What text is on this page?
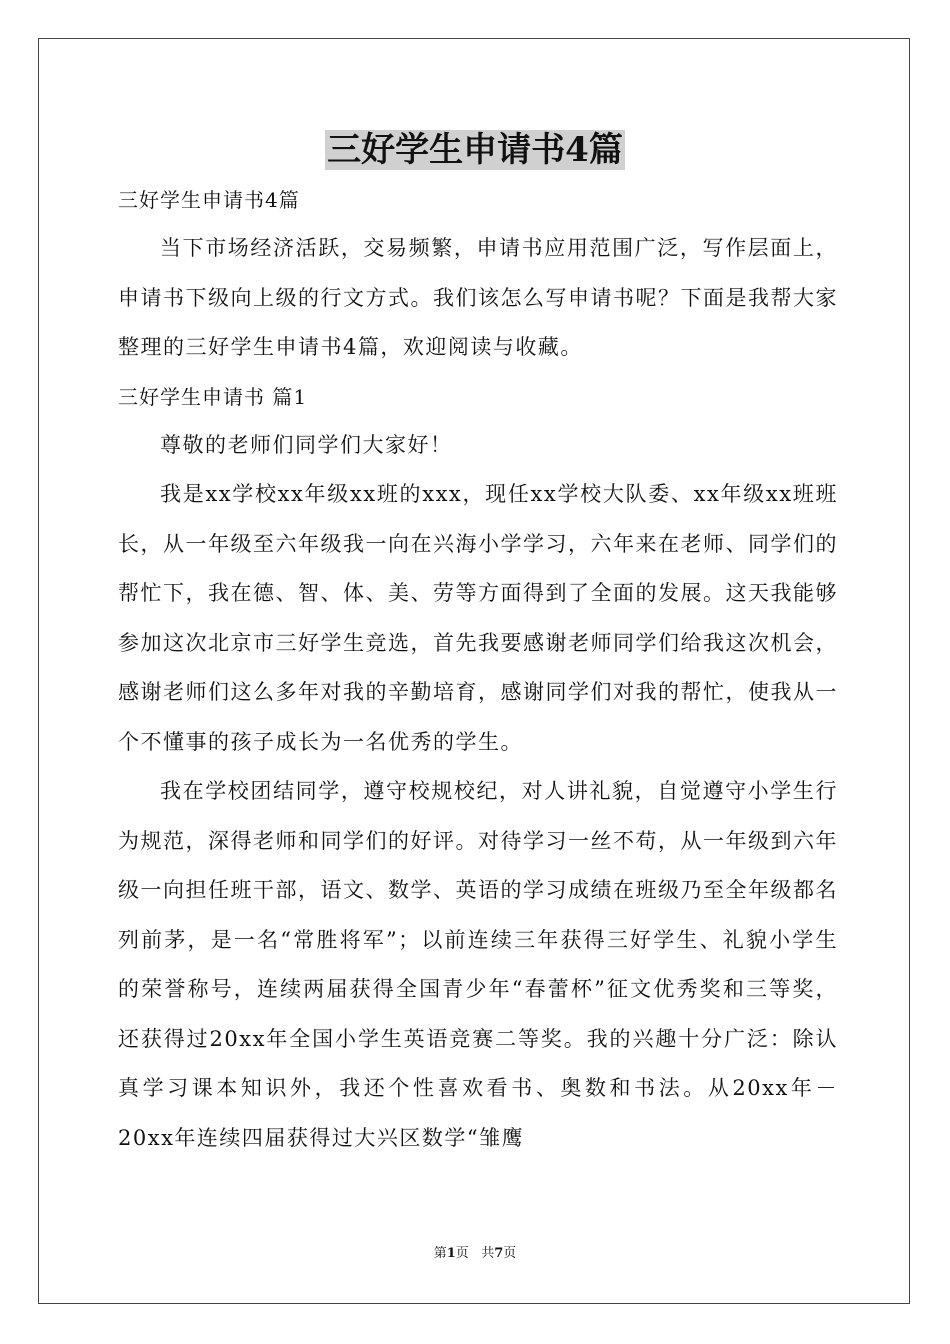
三好学生申请书4篇

三好学生申请书4篇

当下市场经济活跃，交易频繁，申请书应用范围广泛，写作层面上，申请书下级向上级的行文方式。我们该怎么写申请书呢？下面是我帮大家整理的三好学生申请书4篇，欢迎阅读与收藏。

三好学生申请书 篇1

尊敬的老师们同学们大家好！

我是xx学校xx年级xx班的xxx，现任xx学校大队委、xx年级xx班班长，从一年级至六年级我一向在兴海小学学习，六年来在老师、同学们的帮忙下，我在德、智、体、美、劳等方面得到了全面的发展。这天我能够参加这次北京市三好学生竞选，首先我要感谢老师同学们给我这次机会，感谢老师们这么多年对我的辛勤培育，感谢同学们对我的帮忙，使我从一个不懂事的孩子成长为一名优秀的学生。

我在学校团结同学，遵守校规校纪，对人讲礼貌，自觉遵守小学生行为规范，深得老师和同学们的好评。对待学习一丝不苟，从一年级到六年级一向担任班干部，语文、数学、英语的学习成绩在班级乃至全年级都名列前茅，是一名“常胜将军”；以前连续三年获得三好学生、礼貌小学生的荣誉称号，连续两届获得全国青少年“春蕾杯”征文优秀奖和三等奖，还获得过20xx年全国小学生英语竞赛二等奖。我的兴趣十分广泛：除认真学习课本知识外，我还个性喜欢看书、奥数和书法。从20xx年－20xx年连续四届获得过大兴区数学“雏鹰

第1页 共7页
